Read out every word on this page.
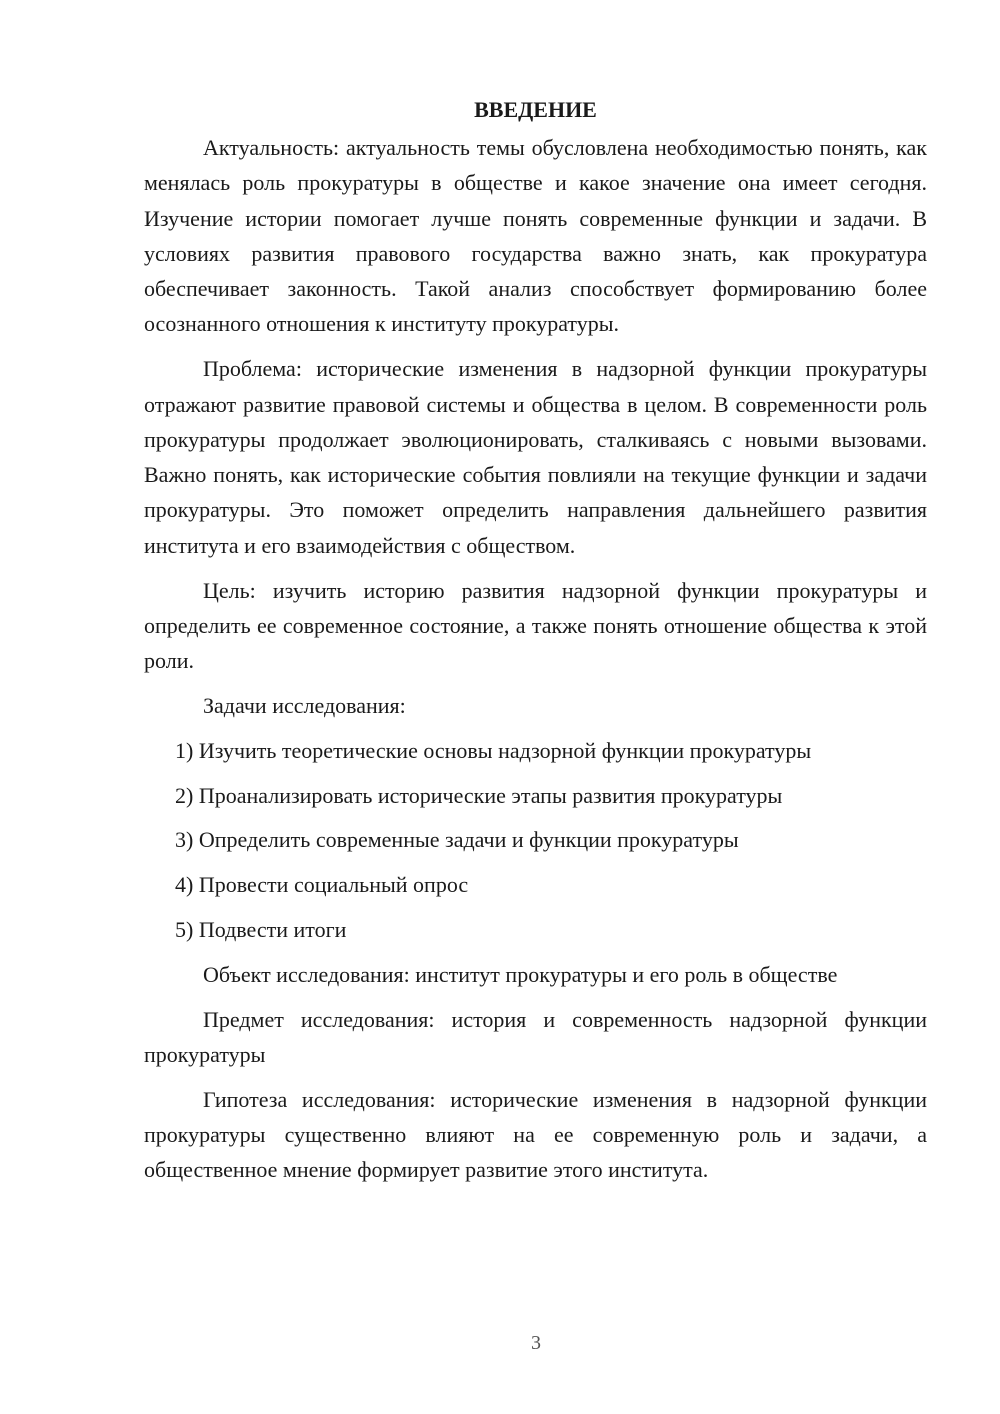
ВВЕДЕНИЕ

Актуальность: актуальность темы обусловлена необходимостью понять, как менялась роль прокуратуры в обществе и какое значение она имеет сегодня. Изучение истории помогает лучше понять современные функции и задачи. В условиях развития правового государства важно знать, как прокуратура обеспечивает законность. Такой анализ способствует формированию более осознанного отношения к институту прокуратуры.

Проблема: исторические изменения в надзорной функции прокуратуры отражают развитие правовой системы и общества в целом. В современности роль прокуратуры продолжает эволюционировать, сталкиваясь с новыми вызовами. Важно понять, как исторические события повлияли на текущие функции и задачи прокуратуры. Это поможет определить направления дальнейшего развития института и его взаимодействия с обществом.

Цель: изучить историю развития надзорной функции прокуратуры и определить ее современное состояние, а также понять отношение общества к этой роли.

Задачи исследования:

1) Изучить теоретические основы надзорной функции прокуратуры
2) Проанализировать исторические этапы развития прокуратуры
3) Определить современные задачи и функции прокуратуры
4) Провести социальный опрос
5) Подвести итоги

Объект исследования: институт прокуратуры и его роль в обществе

Предмет исследования: история и современность надзорной функции прокуратуры

Гипотеза исследования: исторические изменения в надзорной функции прокуратуры существенно влияют на ее современную роль и задачи, а общественное мнение формирует развитие этого института.

3
